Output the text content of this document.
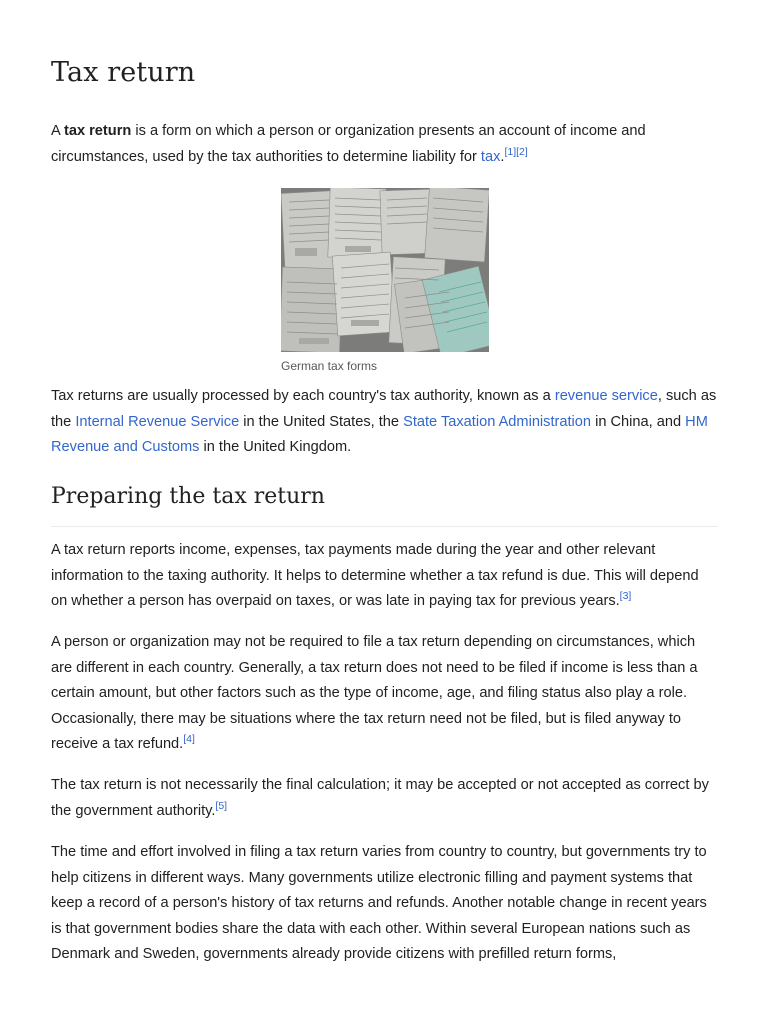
Tax return

A tax return is a form on which a person or organization presents an account of income and circumstances, used by the tax authorities to determine liability for tax.[1][2]

German tax forms

Tax returns are usually processed by each country's tax authority, known as a revenue service, such as the Internal Revenue Service in the United States, the State Taxation Administration in China, and HM Revenue and Customs in the United Kingdom.

Preparing the tax return

A tax return reports income, expenses, tax payments made during the year and other relevant information to the taxing authority. It helps to determine whether a tax refund is due. This will depend on whether a person has overpaid on taxes, or was late in paying tax for previous years.[3]

A person or organization may not be required to file a tax return depending on circumstances, which are different in each country. Generally, a tax return does not need to be filed if income is less than a certain amount, but other factors such as the type of income, age, and filing status also play a role. Occasionally, there may be situations where the tax return need not be filed, but is filed anyway to receive a tax refund.[4]

The tax return is not necessarily the final calculation; it may be accepted or not accepted as correct by the government authority.[5]

The time and effort involved in filing a tax return varies from country to country, but governments try to help citizens in different ways. Many governments utilize electronic filling and payment systems that keep a record of a person's history of tax returns and refunds. Another notable change in recent years is that government bodies share the data with each other. Within several European nations such as Denmark and Sweden, governments already provide citizens with prefilled return forms,
